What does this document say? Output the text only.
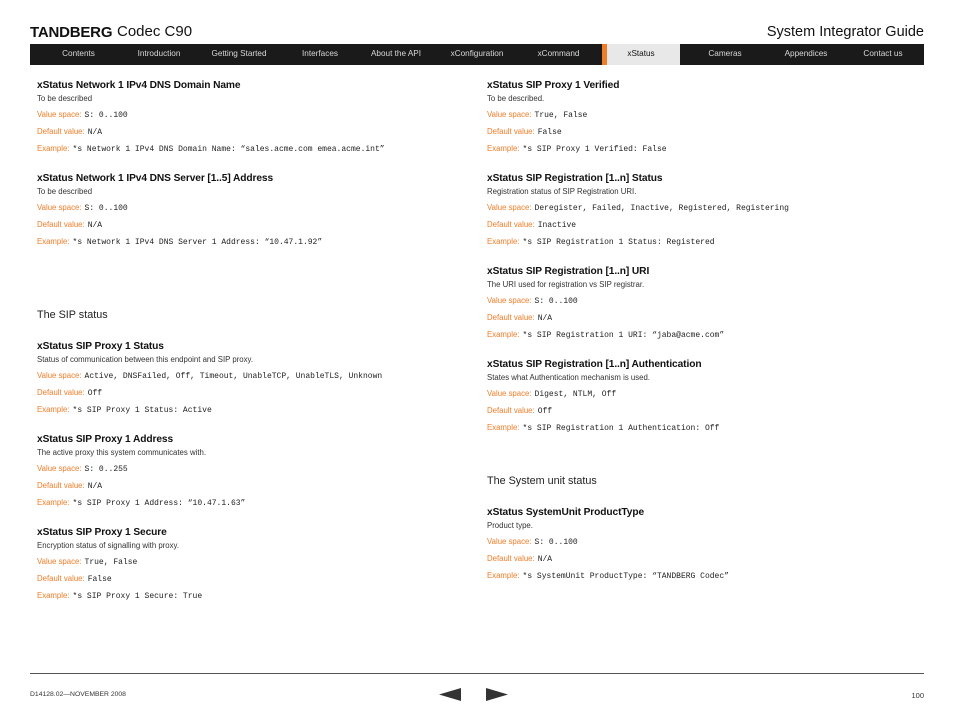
TANDBERG Codec C90	System Integrator Guide
Contents	Introduction	Getting Started	Interfaces	About the API	xConfiguration	xCommand	xStatus	Cameras	Appendices	Contact us
xStatus Network 1 IPv4 DNS Domain Name
To be described
Value space: S: 0..100
Default value: N/A
Example: *s Network 1 IPv4 DNS Domain Name: “sales.acme.com emea.acme.int”
xStatus Network 1 IPv4 DNS Server [1..5] Address
To be described
Value space: S: 0..100
Default value: N/A
Example: *s Network 1 IPv4 DNS Server 1 Address: “10.47.1.92”
The SIP status
xStatus SIP Proxy 1 Status
Status of communication between this endpoint and SIP proxy.
Value space: Active, DNSFailed, Off, Timeout, UnableTCP, UnableTLS, Unknown
Default value: Off
Example: *s SIP Proxy 1 Status: Active
xStatus SIP Proxy 1 Address
The active proxy this system communicates with.
Value space: S: 0..255
Default value: N/A
Example: *s SIP Proxy 1 Address: “10.47.1.63”
xStatus SIP Proxy 1 Secure
Encryption status of signalling with proxy.
Value space: True, False
Default value: False
Example: *s SIP Proxy 1 Secure: True
xStatus SIP Proxy 1 Verified
To be described.
Value space: True, False
Default value: False
Example: *s SIP Proxy 1 Verified: False
xStatus SIP Registration [1..n] Status
Registration status of SIP Registration URI.
Value space: Deregister, Failed, Inactive, Registered, Registering
Default value: Inactive
Example: *s SIP Registration 1 Status: Registered
xStatus SIP Registration [1..n] URI
The URI used for registration vs SIP registrar.
Value space: S: 0..100
Default value: N/A
Example: *s SIP Registration 1 URI: “jaba@acme.com”
xStatus SIP Registration [1..n] Authentication
States what Authentication mechanism is used.
Value space: Digest, NTLM, Off
Default value: Off
Example: *s SIP Registration 1 Authentication: Off
The System unit status
xStatus SystemUnit ProductType
Product type.
Value space: S: 0..100
Default value: N/A
Example: *s SystemUnit ProductType: “TANDBERG Codec”
D14128.02—NOVEMBER 2008	100
